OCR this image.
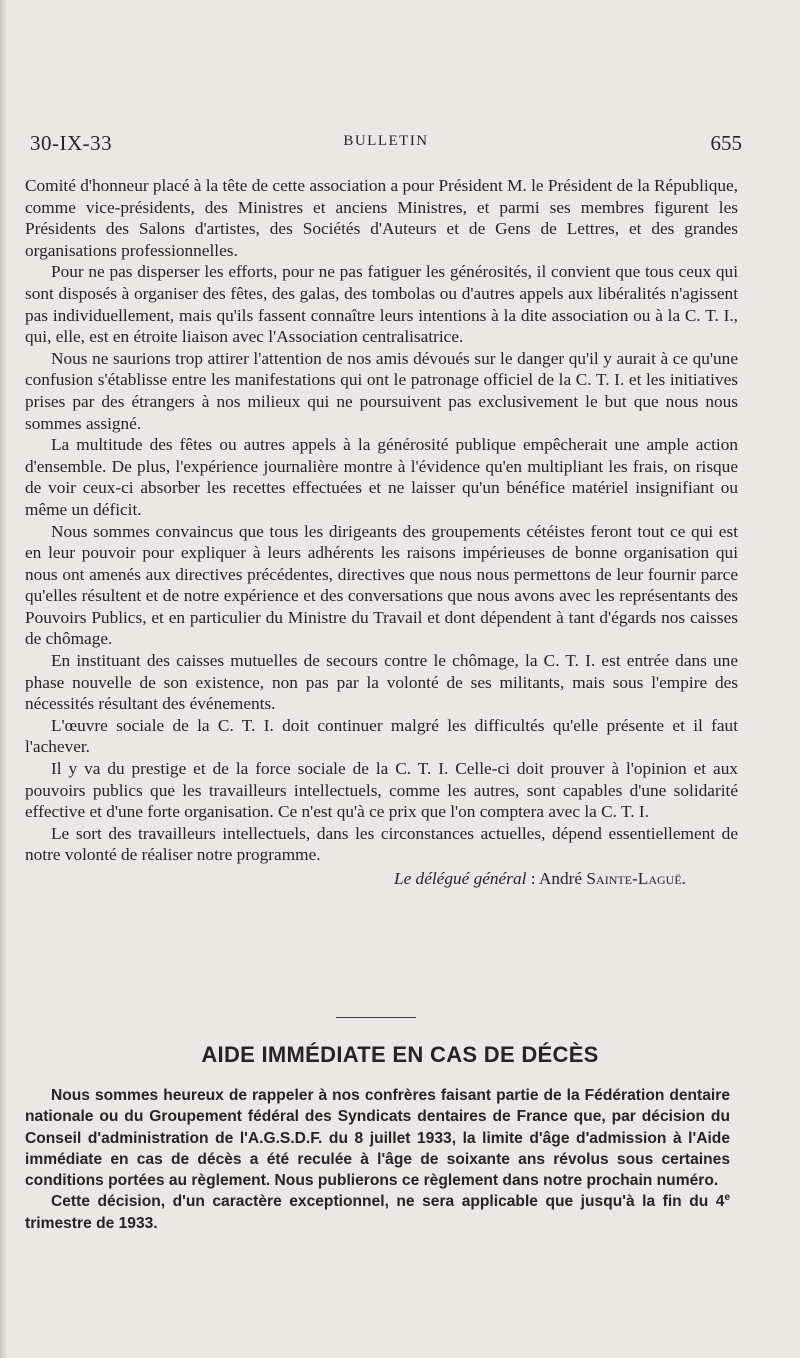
30-IX-33	BULLETIN	655

Comité d'honneur placé à la tête de cette association a pour Président M. le Président de la République, comme vice-présidents, des Ministres et anciens Ministres, et parmi ses membres figurent les Présidents des Salons d'artistes, des Sociétés d'Auteurs et de Gens de Lettres, et des grandes organisations professionnelles.

Pour ne pas disperser les efforts, pour ne pas fatiguer les générosités, il convient que tous ceux qui sont disposés à organiser des fêtes, des galas, des tombolas ou d'autres appels aux libéralités n'agissent pas individuellement, mais qu'ils fassent connaître leurs intentions à la dite association ou à la C. T. I., qui, elle, est en étroite liaison avec l'Association centralisatrice.

Nous ne saurions trop attirer l'attention de nos amis dévoués sur le danger qu'il y aurait à ce qu'une confusion s'établisse entre les manifestations qui ont le patronage officiel de la C. T. I. et les initiatives prises par des étrangers à nos milieux qui ne poursuivent pas exclusivement le but que nous nous sommes assigné.

La multitude des fêtes ou autres appels à la générosité publique empêcherait une ample action d'ensemble. De plus, l'expérience journalière montre à l'évidence qu'en multipliant les frais, on risque de voir ceux-ci absorber les recettes effectuées et ne laisser qu'un bénéfice matériel insignifiant ou même un déficit.

Nous sommes convaincus que tous les dirigeants des groupements cétéistes feront tout ce qui est en leur pouvoir pour expliquer à leurs adhérents les raisons impérieuses de bonne organisation qui nous ont amenés aux directives précédentes, directives que nous nous permettons de leur fournir parce qu'elles résultent et de notre expérience et des conversations que nous avons avec les représentants des Pouvoirs Publics, et en particulier du Ministre du Travail et dont dépendent à tant d'égards nos caisses de chômage.

En instituant des caisses mutuelles de secours contre le chômage, la C. T. I. est entrée dans une phase nouvelle de son existence, non pas par la volonté de ses militants, mais sous l'empire des nécessités résultant des événements.

L'œuvre sociale de la C. T. I. doit continuer malgré les difficultés qu'elle présente et il faut l'achever.

Il y va du prestige et de la force sociale de la C. T. I. Celle-ci doit prouver à l'opinion et aux pouvoirs publics que les travailleurs intellectuels, comme les autres, sont capables d'une solidarité effective et d'une forte organisation. Ce n'est qu'à ce prix que l'on comptera avec la C. T. I.

Le sort des travailleurs intellectuels, dans les circonstances actuelles, dépend essentiellement de notre volonté de réaliser notre programme.

Le délégué général : André Sainte-Laguë.
AIDE IMMÉDIATE EN CAS DE DÉCÈS

Nous sommes heureux de rappeler à nos confrères faisant partie de la Fédération dentaire nationale ou du Groupement fédéral des Syndicats dentaires de France que, par décision du Conseil d'administration de l'A.G.S.D.F. du 8 juillet 1933, la limite d'âge d'admission à l'Aide immédiate en cas de décès a été reculée à l'âge de soixante ans révolus sous certaines conditions portées au règlement. Nous publierons ce règlement dans notre prochain numéro.

Cette décision, d'un caractère exceptionnel, ne sera applicable que jusqu'à la fin du 4e trimestre de 1933.
